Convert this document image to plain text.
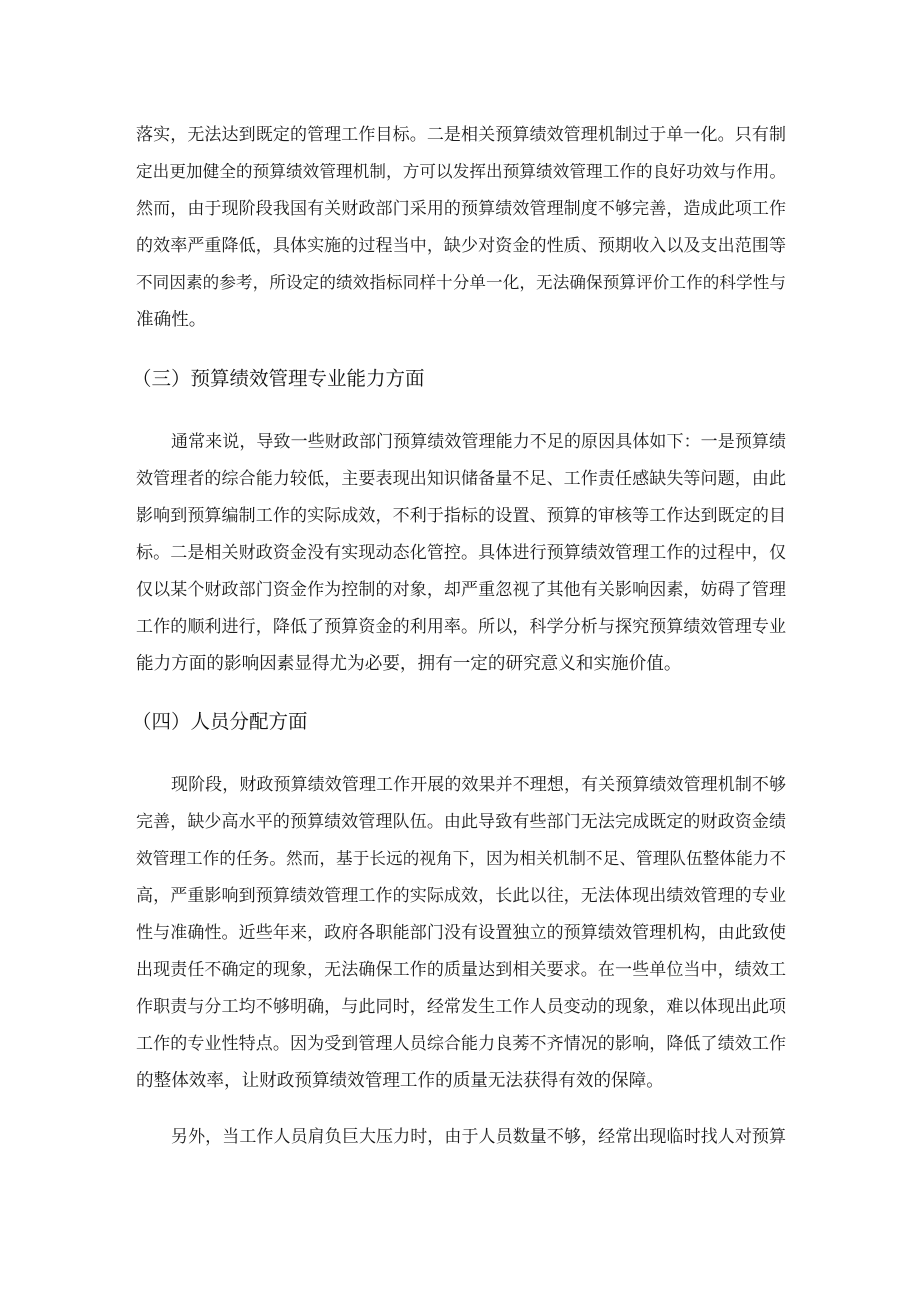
落实，无法达到既定的管理工作目标。二是相关预算绩效管理机制过于单一化。只有制
定出更加健全的预算绩效管理机制，方可以发挥出预算绩效管理工作的良好功效与作用。
然而，由于现阶段我国有关财政部门采用的预算绩效管理制度不够完善，造成此项工作
的效率严重降低，具体实施的过程当中，缺少对资金的性质、预期收入以及支出范围等
不同因素的参考，所设定的绩效指标同样十分单一化，无法确保预算评价工作的科学性与
准确性。
（三）预算绩效管理专业能力方面
通常来说，导致一些财政部门预算绩效管理能力不足的原因具体如下：一是预算绩
效管理者的综合能力较低，主要表现出知识储备量不足、工作责任感缺失等问题，由此
影响到预算编制工作的实际成效，不利于指标的设置、预算的审核等工作达到既定的目
标。二是相关财政资金没有实现动态化管控。具体进行预算绩效管理工作的过程中，仅
仅以某个财政部门资金作为控制的对象，却严重忽视了其他有关影响因素，妨碍了管理
工作的顺利进行，降低了预算资金的利用率。所以，科学分析与探究预算绩效管理专业
能力方面的影响因素显得尤为必要，拥有一定的研究意义和实施价值。
（四）人员分配方面
现阶段，财政预算绩效管理工作开展的效果并不理想，有关预算绩效管理机制不够
完善，缺少高水平的预算绩效管理队伍。由此导致有些部门无法完成既定的财政资金绩
效管理工作的任务。然而，基于长远的视角下，因为相关机制不足、管理队伍整体能力不
高，严重影响到预算绩效管理工作的实际成效，长此以往，无法体现出绩效管理的专业
性与准确性。近些年来，政府各职能部门没有设置独立的预算绩效管理机构，由此致使
出现责任不确定的现象，无法确保工作的质量达到相关要求。在一些单位当中，绩效工
作职责与分工均不够明确，与此同时，经常发生工作人员变动的现象，难以体现出此项
工作的专业性特点。因为受到管理人员综合能力良莠不齐情况的影响，降低了绩效工作
的整体效率，让财政预算绩效管理工作的质量无法获得有效的保障。
另外，当工作人员肩负巨大压力时，由于人员数量不够，经常出现临时找人对预算
